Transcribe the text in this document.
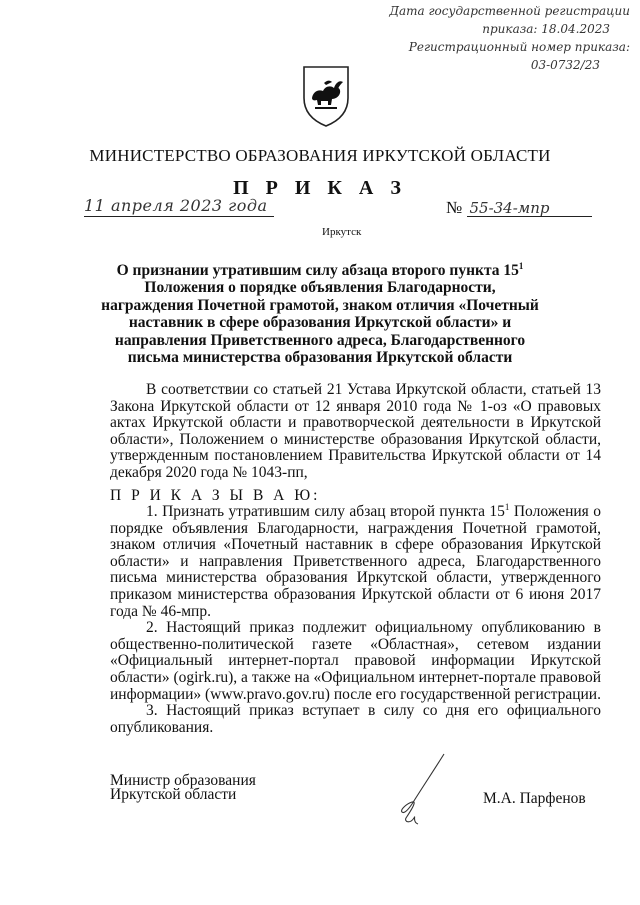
Дата государственной регистрации
приказа: 18.04.2023
Регистрационный номер приказа:
03-0732/23
МИНИСТЕРСТВО ОБРАЗОВАНИЯ ИРКУТСКОЙ ОБЛАСТИ
П Р И К А З
11 апреля 2023 года	№ 55-34-мпр
Иркутск
О признании утратившим силу абзаца второго пункта $15^1$ Положения о порядке объявления Благодарности, награждения Почетной грамотой, знаком отличия «Почетный наставник в сфере образования Иркутской области» и направления Приветственного адреса, Благодарственного письма министерства образования Иркутской области

В соответствии со статьей 21 Устава Иркутской области, статьей 13 Закона Иркутской области от 12 января 2010 года № 1-оз «О правовых актах Иркутской области и правотворческой деятельности в Иркутской области», Положением о министерстве образования Иркутской области, утвержденным постановлением Правительства Иркутской области от 14 декабря 2020 года № 1043-пп,

П Р И К А З Ы В А Ю:

1. Признать утратившим силу абзац второй пункта $15^1$ Положения о порядке объявления Благодарности, награждения Почетной грамотой, знаком отличия «Почетный наставник в сфере образования Иркутской области» и направления Приветственного адреса, Благодарственного письма министерства образования Иркутской области, утвержденного приказом министерства образования Иркутской области от 6 июня 2017 года № 46-мпр.

2. Настоящий приказ подлежит официальному опубликованию в общественно-политической газете «Областная», сетевом издании «Официальный интернет-портал правовой информации Иркутской области» (ogirk.ru), а также на «Официальном интернет-портале правовой информации» (www.pravo.gov.ru) после его государственной регистрации.

3. Настоящий приказ вступает в силу со дня его официального опубликования.

Министр образования
Иркутской области	М.А. Парфенов
